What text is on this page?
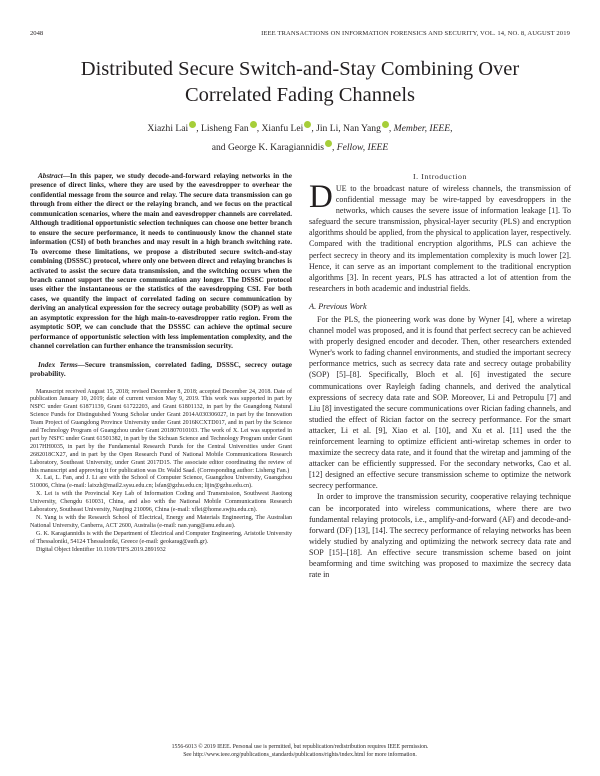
2048	IEEE TRANSACTIONS ON INFORMATION FORENSICS AND SECURITY, VOL. 14, NO. 8, AUGUST 2019
Distributed Secure Switch-and-Stay Combining Over Correlated Fading Channels
Xiazhi Lai , Lisheng Fan , Xianfu Lei , Jin Li, Nan Yang , Member, IEEE,
and George K. Karagiannidis , Fellow, IEEE
Abstract—In this paper, we study decode-and-forward relaying networks in the presence of direct links, where they are used by the eavesdropper to overhear the confidential message from the source and relay. The secure data transmission can go through from either the direct or the relaying branch, and we focus on the practical communication scenarios, where the main and eavesdropper channels are correlated. Although traditional opportunistic selection techniques can choose one better branch to ensure the secure performance, it needs to continuously know the channel state information (CSI) of both branches and may result in a high branch switching rate. To overcome these limitations, we propose a distributed secure switch-and-stay combining (DSSSC) protocol, where only one between direct and relaying branches is activated to assist the secure data transmission, and the switching occurs when the branch cannot support the secure communication any longer. The DSSSC protocol uses either the instantaneous or the statistics of the eavesdropping CSI. For both cases, we quantify the impact of correlated fading on secure communication by deriving an analytical expression for the secrecy outage probability (SOP) as well as an asymptotic expression for the high main-to-eavesdropper ratio region. From the asymptotic SOP, we can conclude that the DSSSC can achieve the optimal secure performance of opportunistic selection with less implementation complexity, and the channel correlation can further enhance the transmission security.
Index Terms—Secure transmission, correlated fading, DSSSC, secrecy outage probability.

Manuscript received August 15, 2018; revised December 8, 2018; accepted December 24, 2018. Date of publication January 10, 2019; date of current version May 9, 2019. This work was supported in part by NSFC under Grant 61871139, Grant 61722203, and Grant 61801132, in part by the Guangdong Natural Science Funds for Distinguished Young Scholar under Grant 2014A030306027, in part by the Innovation Team Project of Guangdong Province University under Grant 2016KCXTD017, and in part by the Science and Technology Program of Guangzhou under Grant 201807010103. The work of X. Lei was supported in part by NSFC under Grant 61501382, in part by the Sichuan Science and Technology Program under Grant 2017HH0035, in part by the Fundamental Research Funds for the Central Universities under Grant 2682018CX27, and in part by the Open Research Fund of National Mobile Communications Research Laboratory, Southeast University, under Grant 2017D15. The associate editor coordinating the review of this manuscript and approving it for publication was Dr. Walid Saad. (Corresponding author: Lisheng Fan.)

X. Lai, L. Fan, and J. Li are with the School of Computer Science, Guangzhou University, Guangzhou 510006, China (e-mail: laixzh@mail2.sysu.edu.cn; lsfan@gzhu.edu.cn; lijin@gzhu.edu.cn).

X. Lei is with the Provincial Key Lab of Information Coding and Transmission, Southwest Jiaotong University, Chengdu 610031, China, and also with the National Mobile Communications Research Laboratory, Southeast University, Nanjing 210096, China (e-mail: xflei@home.swjtu.edu.cn).

N. Yang is with the Research School of Electrical, Energy and Materials Engineering, The Australian National University, Canberra, ACT 2600, Australia (e-mail: nan.yang@anu.edu.au).

G. K. Karagiannidis is with the Department of Electrical and Computer Engineering, Aristotle University of Thessaloniki, 54124 Thessaloniki, Greece (e-mail: geokarag@auth.gr).

Digital Object Identifier 10.1109/TIFS.2019.2891932

I. Introduction

DUE to the broadcast nature of wireless channels, the transmission of confidential message may be wire-tapped by eavesdroppers in the networks, which causes the severe issue of information leakage [1]. To safeguard the secure transmission, physical-layer security (PLS) and encryption algorithms should be applied, from the physical to application layer, respectively. Compared with the traditional encryption algorithms, PLS can achieve the perfect secrecy in theory and its implementation complexity is much lower [2]. Hence, it can serve as an important complement to the traditional encryption algorithms [3]. In recent years, PLS has attracted a lot of attention from the researchers in both academic and industrial fields.

A. Previous Work

For the PLS, the pioneering work was done by Wyner [4], where a wiretap channel model was proposed, and it is found that perfect secrecy can be achieved with properly designed encoder and decoder. Then, other researchers extended Wyner's work to fading channel environments, and studied the important secrecy performance metrics, such as secrecy data rate and secrecy outage probability (SOP) [5]–[8]. Specifically, Bloch et al. [6] investigated the secure communications over Rayleigh fading channels, and derived the analytical expressions of secrecy data rate and SOP. Moreover, Li and Petropulu [7] and Liu [8] investigated the secure communications over Rician fading channels, and studied the effect of Rician factor on the secrecy performance. For the smart attacker, Li et al. [9], Xiao et al. [10], and Xu et al. [11] used the the reinforcement learning to optimize efficient anti-wiretap schemes in order to maximize the secrecy data rate, and it found that the wiretap and jamming of the attacker can be efficiently suppressed. For the secondary networks, Cao et al. [12] designed an effective secure transmission scheme to optimize the network secrecy performance.

In order to improve the transmission security, cooperative relaying technique can be incorporated into wireless communications, where there are two fundamental relaying protocols, i.e., amplify-and-forward (AF) and decode-and-forward (DF) [13], [14]. The secrecy performance of relaying networks has been widely studied by analyzing and optimizing the network secrecy data rate and SOP [15]–[18]. An effective secure transmission scheme based on joint beamforming and time switching was proposed to maximize the secrecy data rate in

1556-6013 © 2019 IEEE. Personal use is permitted, but republication/redistribution requires IEEE permission.
See http://www.ieee.org/publications_standards/publications/rights/index.html for more information.
